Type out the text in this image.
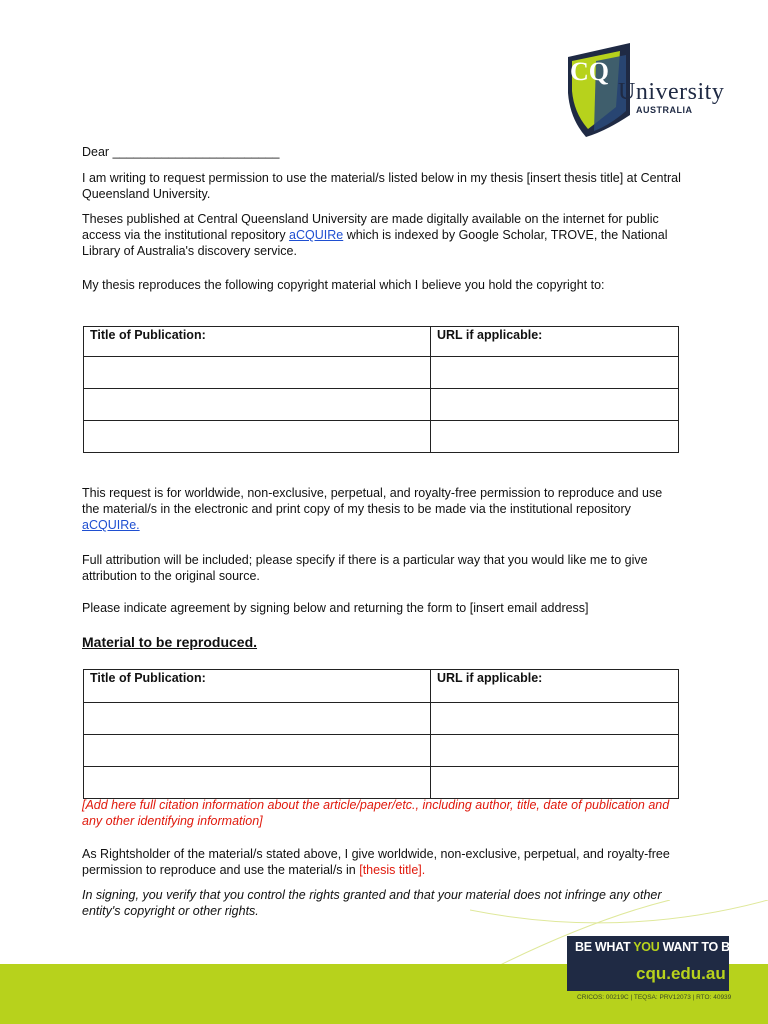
CQ
University
AUSTRALIA

Dear ________________________

I am writing to request permission to use the material/s listed below in my thesis [insert thesis title] at Central Queensland University.

Theses published at Central Queensland University are made digitally available on the internet for public access via the institutional repository aCQUIRe which is indexed by Google Scholar, TROVE, the National Library of Australia's discovery service.

My thesis reproduces the following copyright material which I believe you hold the copyright to:

Title of Publication:	URL if applicable:

This request is for worldwide, non-exclusive, perpetual, and royalty-free permission to reproduce and use the material/s in the electronic and print copy of my thesis to be made via the institutional repository aCQUIRe.

Full attribution will be included; please specify if there is a particular way that you would like me to give attribution to the original source.

Please indicate agreement by signing below and returning the form to [insert email address]

Material to be reproduced.

Title of Publication:	URL if applicable:

[Add here full citation information about the article/paper/etc., including author, title, date of publication and any other identifying information]

As Rightsholder of the material/s stated above, I give worldwide, non-exclusive, perpetual, and royalty-free permission to reproduce and use the material/s in [thesis title].

In signing, you verify that you control the rights granted and that your material does not infringe any other entity's copyright or other rights.

BE WHAT YOU WANT TO BE
cqu.edu.au
CRICOS: 00219C | TEQSA: PRV12073 | RTO: 40939
